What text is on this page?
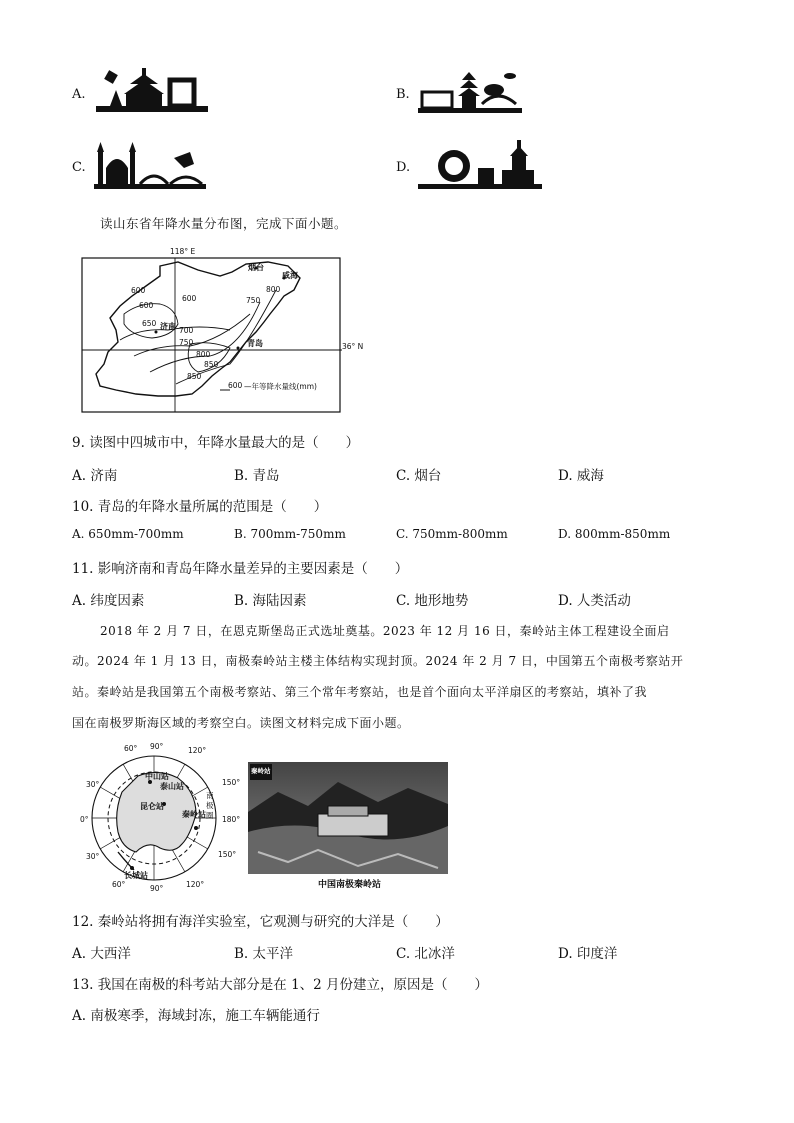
A.	B.
C.	D.
读山东省年降水量分布图，完成下面小题。
118° E
36° N
烟台
威海
济南
青岛
600
600
600
650
700
750
750
800
800
850
850
600 —年等降水量线(mm)
9. 读图中四城市中，年降水量最大的是（　　）
A. 济南	B. 青岛	C. 烟台	D. 威海
10. 青岛的年降水量所属的范围是（　　）
A. 650mm-700mm	B. 700mm-750mm	C. 750mm-800mm	D. 800mm-850mm
11. 影响济南和青岛年降水量差异的主要因素是（　　）
A. 纬度因素	B. 海陆因素	C. 地形地势	D. 人类活动
2018 年 2 月 7 日，在恩克斯堡岛正式选址奠基。2023 年 12 月 16 日，秦岭站主体工程建设全面启
动。2024 年 1 月 13 日，南极秦岭站主楼主体结构实现封顶。2024 年 2 月 7 日，中国第五个南极考察站开
站。秦岭站是我国第五个南极考察站、第三个常年考察站，也是首个面向太平洋扇区的考察站，填补了我
国在南极罗斯海区域的考察空白。读图文材料完成下面小题。
60° 90°	120°
30°	150°
0°	180°
30°	150°
60°	120°
90°
中山站
泰山站
昆仑站
秦岭站
长城站
南
极
圈
秦岭站
中国南极秦岭站
12. 秦岭站将拥有海洋实验室，它观测与研究的大洋是（　　）
A. 大西洋	B. 太平洋	C. 北冰洋	D. 印度洋
13. 我国在南极的科考站大部分是在 1、2 月份建立，原因是（　　）
A. 南极寒季，海域封冻，施工车辆能通行
